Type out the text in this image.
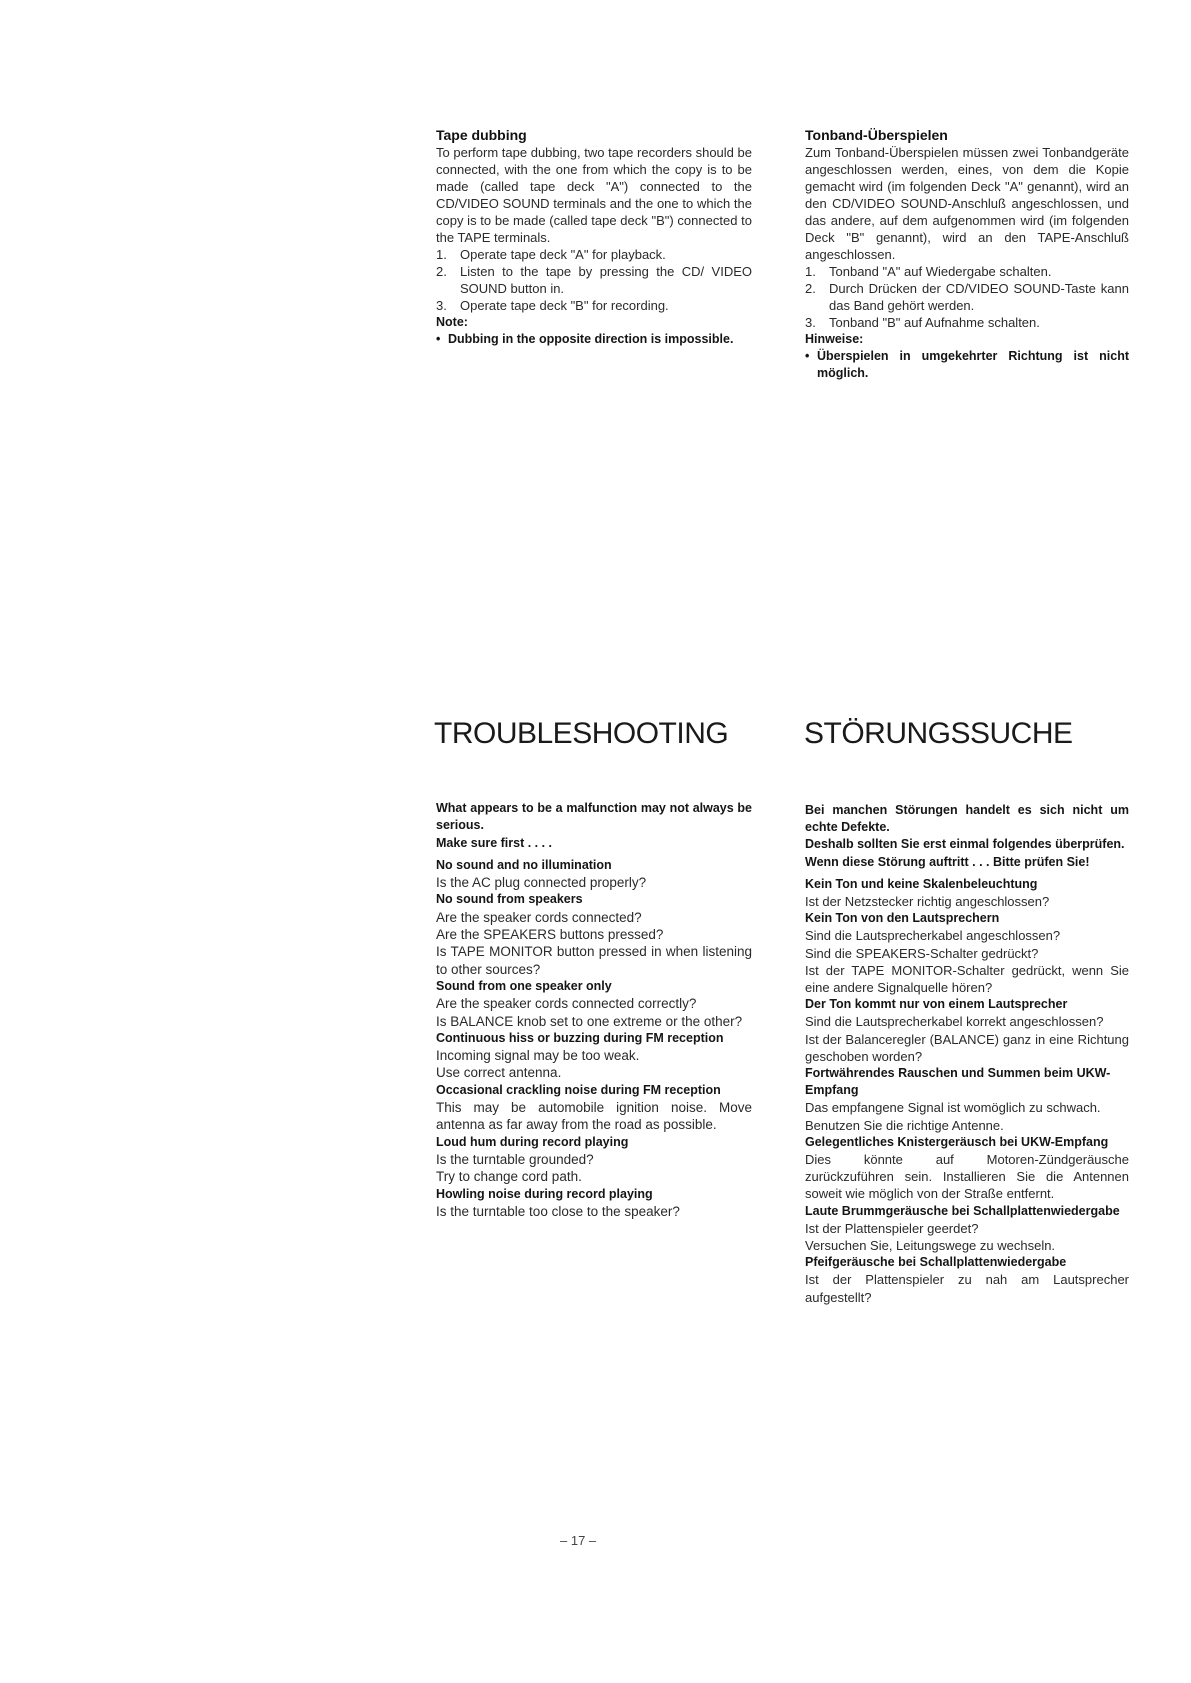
Tape dubbing

To perform tape dubbing, two tape recorders should be connected, with the one from which the copy is to be made (called tape deck "A") connected to the CD/VIDEO SOUND terminals and the one to which the copy is to be made (called tape deck "B") connected to the TAPE terminals.

1.	Operate tape deck "A" for playback.
2.	Listen to the tape by pressing the CD/ VIDEO SOUND button in.
3.	Operate tape deck "B" for recording.

Note:

• Dubbing in the opposite direction is impossible.

Tonband-Überspielen

Zum Tonband-Überspielen müssen zwei Tonbandgeräte angeschlossen werden, eines, von dem die Kopie gemacht wird (im folgenden Deck "A" genannt), wird an den CD/VIDEO SOUND-Anschluß angeschlossen, und das andere, auf dem aufgenommen wird (im folgenden Deck "B" genannt), wird an den TAPE-Anschluß angeschlossen.

1.	Tonband "A" auf Wiedergabe schalten.
2.	Durch Drücken der CD/VIDEO SOUND-Taste kann das Band gehört werden.
3.	Tonband "B" auf Aufnahme schalten.

Hinweise:

• Überspielen in umgekehrter Richtung ist nicht möglich.
TROUBLESHOOTING	STÖRUNGSSUCHE

What appears to be a malfunction may not always be serious.

Make sure first . . . .

No sound and no illumination

Is the AC plug connected properly?

No sound from speakers

Are the speaker cords connected?

Are the SPEAKERS buttons pressed?

Is TAPE MONITOR button pressed in when listening to other sources?

Sound from one speaker only

Are the speaker cords connected correctly?

Is BALANCE knob set to one extreme or the other?

Continuous hiss or buzzing during FM reception

Incoming signal may be too weak.

Use correct antenna.

Occasional crackling noise during FM reception

This may be automobile ignition noise. Move antenna as far away from the road as possible.

Loud hum during record playing

Is the turntable grounded?

Try to change cord path.

Howling noise during record playing

Is the turntable too close to the speaker?

Bei manchen Störungen handelt es sich nicht um echte Defekte.

Deshalb sollten Sie erst einmal folgendes überprüfen.

Wenn diese Störung auftritt . . . Bitte prüfen Sie!

Kein Ton und keine Skalenbeleuchtung

Ist der Netzstecker richtig angeschlossen?

Kein Ton von den Lautsprechern

Sind die Lautsprecherkabel angeschlossen?

Sind die SPEAKERS-Schalter gedrückt?

Ist der TAPE MONITOR-Schalter gedrückt, wenn Sie eine andere Signalquelle hören?

Der Ton kommt nur von einem Lautsprecher

Sind die Lautsprecherkabel korrekt angeschlossen?

Ist der Balanceregler (BALANCE) ganz in eine Richtung geschoben worden?

Fortwährendes Rauschen und Summen beim UKW-Empfang

Das empfangene Signal ist womöglich zu schwach.

Benutzen Sie die richtige Antenne.

Gelegentliches Knistergeräusch bei UKW-Empfang

Dies könnte auf Motoren-Zündgeräusche zurückzuführen sein. Installieren Sie die Antennen soweit wie möglich von der Straße entfernt.

Laute Brummgeräusche bei Schallplattenwiedergabe

Ist der Plattenspieler geerdet?

Versuchen Sie, Leitungswege zu wechseln.

Pfeifgeräusche bei Schallplattenwiedergabe

Ist der Plattenspieler zu nah am Lautsprecher aufgestellt?

– 17 –
